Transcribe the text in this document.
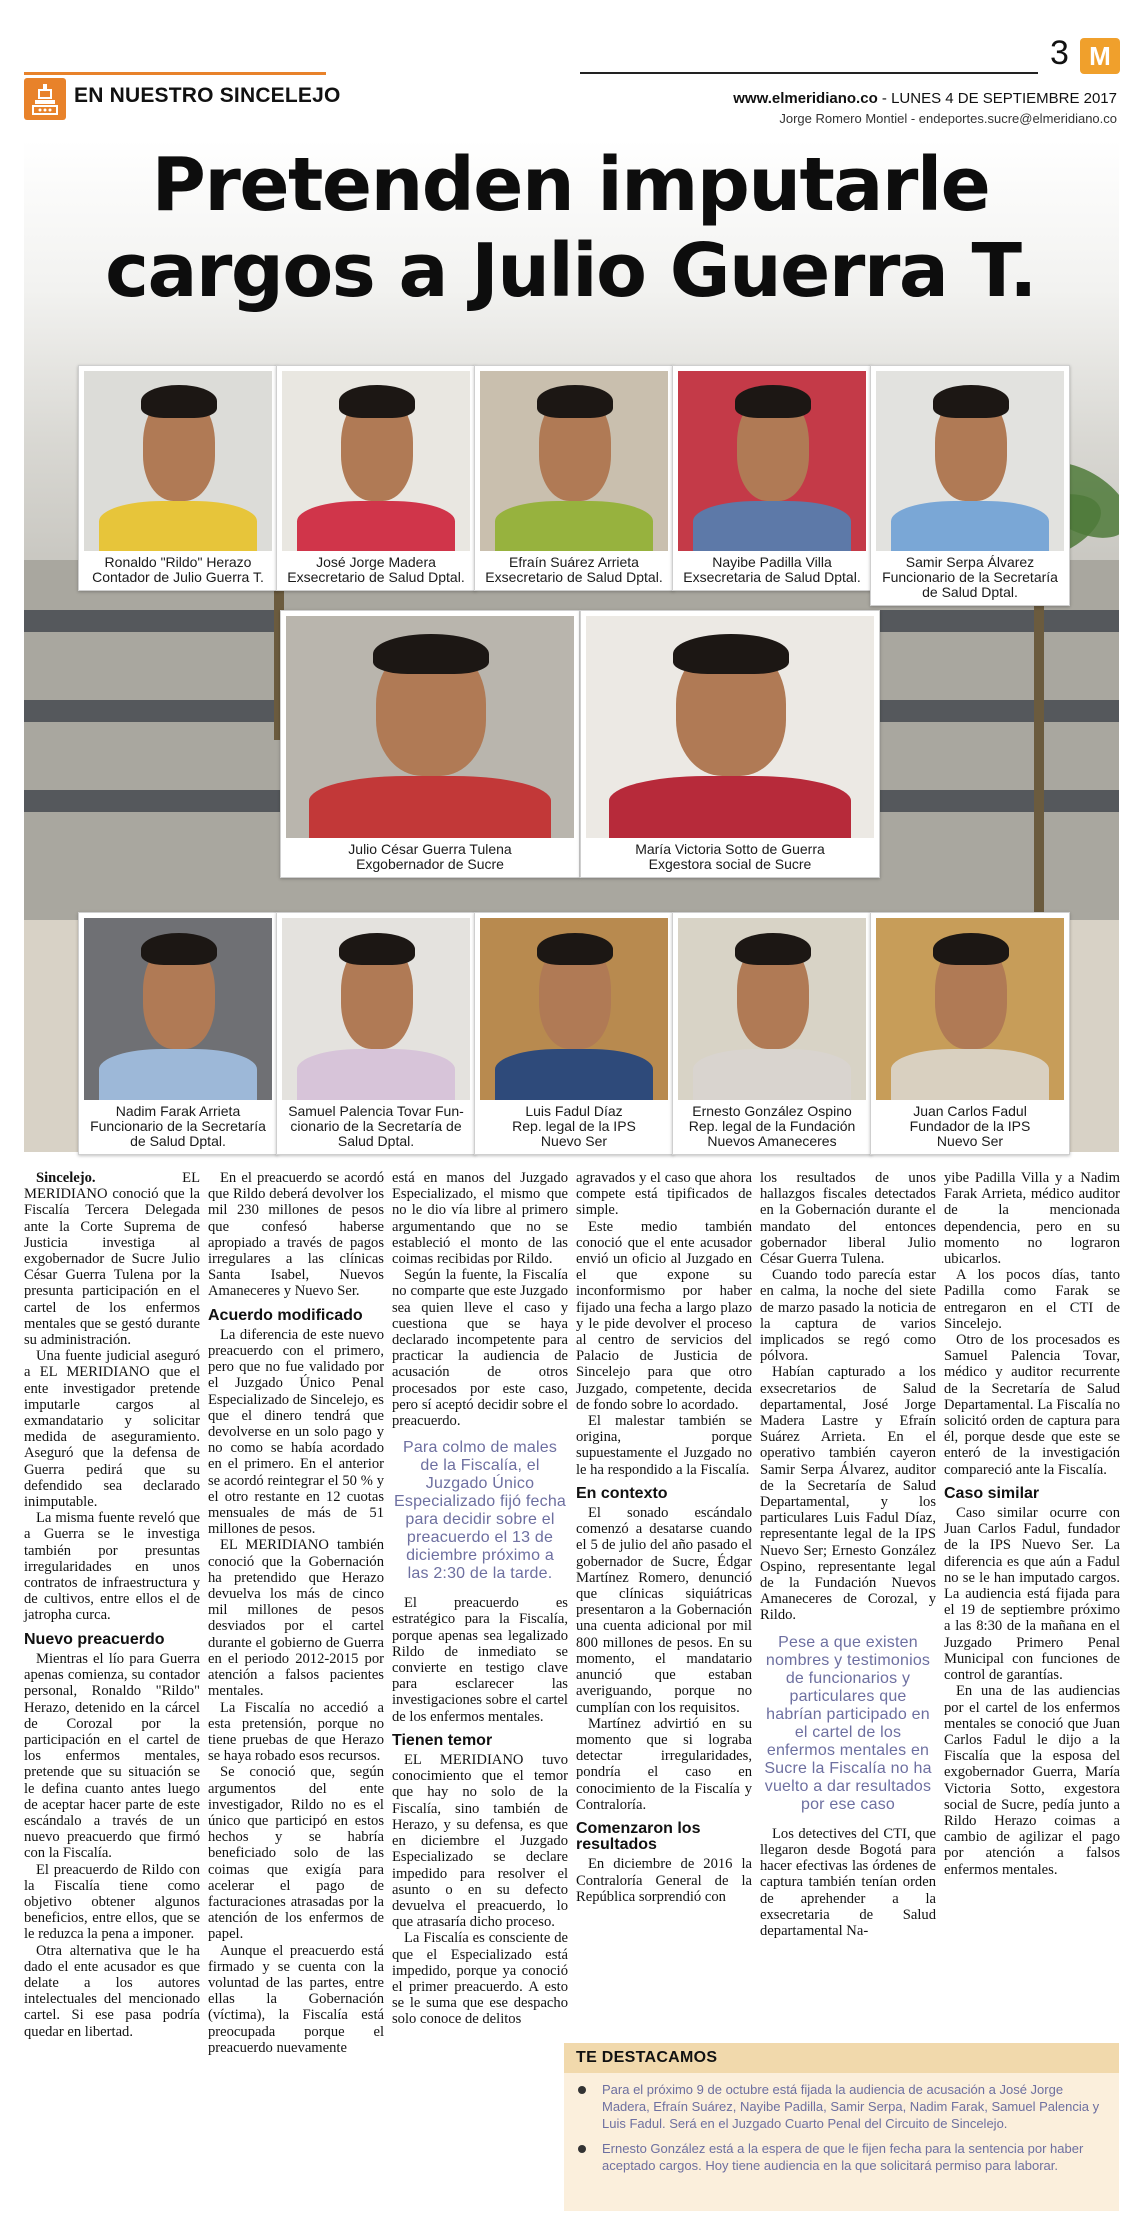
EN NUESTRO SINCELEJO
3 M
www.elmeridiano.co - LUNES 4 DE SEPTIEMBRE 2017
Jorge Romero Montiel - endeportes.sucre@elmeridiano.co
Pretenden imputarle
cargos a Julio Guerra T.
Ronaldo "Rildo" Herazo
Contador de Julio Guerra T.
José Jorge Madera
Exsecretario de Salud Dptal.
Efraín Suárez Arrieta
Exsecretario de Salud Dptal.
Nayibe Padilla Villa
Exsecretaria de Salud Dptal.
Samir Serpa Álvarez
Funcionario de la Secretaría
de Salud Dptal.
Julio César Guerra Tulena
Exgobernador de Sucre
María Victoria Sotto de Guerra
Exgestora social de Sucre
Nadim Farak Arrieta
Funcionario de la Secretaría
de Salud Dptal.
Samuel Palencia Tovar Fun-
cionario de la Secretaría de
Salud Dptal.
Luis Fadul Díaz
Rep. legal de la IPS
Nuevo Ser
Ernesto González Ospino
Rep. legal de la Fundación
Nuevos Amaneceres
Juan Carlos Fadul
Fundador de la IPS
Nuevo Ser

Sincelejo. EL MERIDIANO conoció que la Fiscalía Tercera Delegada ante la Corte Suprema de Justicia investiga al exgobernador de Sucre Julio César Guerra Tulena por la presunta participación en el cartel de los enfermos mentales que se gestó durante su administración.

Una fuente judicial aseguró a EL MERIDIANO que el ente investigador pretende imputarle cargos al exmandatario y solicitar medida de aseguramiento. Aseguró que la defensa de Guerra pedirá que su defendido sea declarado inimputable.

La misma fuente reveló que a Guerra se le investiga también por presuntas irregularidades en unos contratos de infraestructura y de cultivos, entre ellos el de jatropha curca.

Nuevo preacuerdo

Mientras el lío para Guerra apenas comienza, su contador personal, Ronaldo "Rildo" Herazo, detenido en la cárcel de Corozal por la participación en el cartel de los enfermos mentales, pretende que su situación se le defina cuanto antes luego de aceptar hacer parte de este escándalo a través de un nuevo preacuerdo que firmó con la Fiscalía.

El preacuerdo de Rildo con la Fiscalía tiene como objetivo obtener algunos beneficios, entre ellos, que se le reduzca la pena a imponer.

Otra alternativa que le ha dado el ente acusador es que delate a los autores intelectuales del mencionado cartel. Si ese pasa podría quedar en libertad.

En el preacuerdo se acordó que Rildo deberá devolver los mil 230 millones de pesos que confesó haberse apropiado a través de pagos irregulares a las clínicas Santa Isabel, Nuevos Amaneceres y Nuevo Ser.

Acuerdo modificado

La diferencia de este nuevo preacuerdo con el primero, pero que no fue validado por el Juzgado Único Penal Especializado de Sincelejo, es que el dinero tendrá que devolverse en un solo pago y no como se había acordado en el primero. En el anterior se acordó reintegrar el 50 % y el otro restante en 12 cuotas mensuales de más de 51 millones de pesos.

EL MERIDIANO también conoció que la Gobernación ha pretendido que Herazo devuelva los más de cinco mil millones de pesos desviados por el cartel durante el gobierno de Guerra en el periodo 2012-2015 por atención a falsos pacientes mentales.

La Fiscalía no accedió a esta pretensión, porque no tiene pruebas de que Herazo se haya robado esos recursos.

Se conoció que, según argumentos del ente investigador, Rildo no es el único que participó en estos hechos y se habría beneficiado solo de las coimas que exigía para acelerar el pago de facturaciones atrasadas por la atención de los enfermos de papel.

Aunque el preacuerdo está firmado y se cuenta con la voluntad de las partes, entre ellas la Gobernación (víctima), la Fiscalía está preocupada porque el preacuerdo nuevamente

está en manos del Juzgado Especializado, el mismo que no le dio vía libre al primero argumentando que no se estableció el monto de las coimas recibidas por Rildo.

Según la fuente, la Fiscalía no comparte que este Juzgado sea quien lleve el caso y cuestiona que se haya declarado incompetente para practicar la audiencia de acusación de otros procesados por este caso, pero sí aceptó decidir sobre el preacuerdo.

Para colmo de males de la Fiscalía, el Juzgado Único Especializado fijó fecha para decidir sobre el preacuerdo el 13 de diciembre próximo a las 2:30 de la tarde.

El preacuerdo es estratégico para la Fiscalía, porque apenas sea legalizado Rildo de inmediato se convierte en testigo clave para esclarecer las investigaciones sobre el cartel de los enfermos mentales.

Tienen temor

EL MERIDIANO tuvo conocimiento que el temor que hay no solo de la Fiscalía, sino también de Herazo, y su defensa, es que en diciembre el Juzgado Especializado se declare impedido para resolver el asunto o en su defecto devuelva el preacuerdo, lo que atrasaría dicho proceso.

La Fiscalía es consciente de que el Especializado está impedido, porque ya conoció el primer preacuerdo. A esto se le suma que ese despacho solo conoce de delitos

agravados y el caso que ahora compete está tipificados de simple.

Este medio también conoció que el ente acusador envió un oficio al Juzgado en el que expone su inconformismo por haber fijado una fecha a largo plazo y le pide devolver el proceso al centro de servicios del Palacio de Justicia de Sincelejo para que otro Juzgado, competente, decida de fondo sobre lo acordado.

El malestar también se origina, porque supuestamente el Juzgado no le ha respondido a la Fiscalía.

En contexto

El sonado escándalo comenzó a desatarse cuando el 5 de julio del año pasado el gobernador de Sucre, Édgar Martínez Romero, denunció que clínicas siquiátricas presentaron a la Gobernación una cuenta adicional por mil 800 millones de pesos. En su momento, el mandatario anunció que estaban averiguando, porque no cumplían con los requisitos.

Martínez advirtió en su momento que si lograba detectar irregularidades, pondría el caso en conocimiento de la Fiscalía y Contraloría.

Comenzaron los resultados

En diciembre de 2016 la Contraloría General de la República sorprendió con

los resultados de unos hallazgos fiscales detectados en la Gobernación durante el mandato del entonces gobernador liberal Julio César Guerra Tulena.

Cuando todo parecía estar en calma, la noche del siete de marzo pasado la noticia de la captura de varios implicados se regó como pólvora.

Habían capturado a los exsecretarios de Salud departamental, José Jorge Madera Lastre y Efraín Suárez Arrieta. En el operativo también cayeron Samir Serpa Álvarez, auditor de la Secretaría de Salud Departamental, y los particulares Luis Fadul Díaz, representante legal de la IPS Nuevo Ser; Ernesto González Ospino, representante legal de la Fundación Nuevos Amaneceres de Corozal, y Rildo.

Pese a que existen nombres y testimonios de funcionarios y particulares que habrían participado en el cartel de los enfermos mentales en Sucre la Fiscalía no ha vuelto a dar resultados por ese caso

Los detectives del CTI, que llegaron desde Bogotá para hacer efectivas las órdenes de captura también tenían orden de aprehender a la exsecretaria de Salud departamental Na-

yibe Padilla Villa y a Nadim Farak Arrieta, médico auditor de la mencionada dependencia, pero en su momento no lograron ubicarlos.

A los pocos días, tanto Padilla como Farak se entregaron en el CTI de Sincelejo.

Otro de los procesados es Samuel Palencia Tovar, médico y auditor recurrente de la Secretaría de Salud Departamental. La Fiscalía no solicitó orden de captura para él, porque desde que este se enteró de la investigación compareció ante la Fiscalía.

Caso similar

Caso similar ocurre con Juan Carlos Fadul, fundador de la IPS Nuevo Ser. La diferencia es que aún a Fadul no se le han imputado cargos. La audiencia está fijada para el 19 de septiembre próximo a las 8:30 de la mañana en el Juzgado Primero Penal Municipal con funciones de control de garantías.

En una de las audiencias por el cartel de los enfermos mentales se conoció que Juan Carlos Fadul le dijo a la Fiscalía que la esposa del exgobernador Guerra, María Victoria Sotto, exgestora social de Sucre, pedía junto a Rildo Herazo coimas a cambio de agilizar el pago por atención a falsos enfermos mentales.

TE DESTACAMOS
Para el próximo 9 de octubre está fijada la audiencia de acusación a José Jorge Madera, Efraín Suárez, Nayibe Padilla, Samir Serpa, Nadim Farak, Samuel Palencia y Luis Fadul. Será en el Juzgado Cuarto Penal del Circuito de Sincelejo.
Ernesto González está a la espera de que le fijen fecha para la sentencia por haber aceptado cargos. Hoy tiene audiencia en la que solicitará permiso para laborar.
